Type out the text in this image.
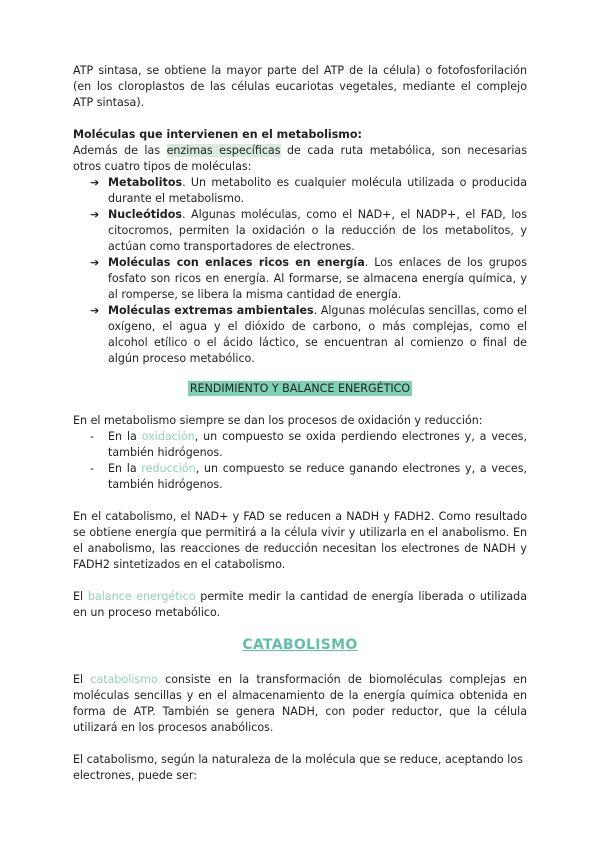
ATP sintasa, se obtiene la mayor parte del ATP de la célula) o fotofosforilación (en los cloroplastos de las células eucariotas vegetales, mediante el complejo ATP sintasa).

Moléculas que intervienen en el metabolismo:

Además de las enzimas específicas de cada ruta metabólica, son necesarias otros cuatro tipos de moléculas:

➔ Metabolitos. Un metabolito es cualquier molécula utilizada o producida durante el metabolismo.
➔ Nucleótidos. Algunas moléculas, como el NAD+, el NADP+, el FAD, los citocromos, permiten la oxidación o la reducción de los metabolitos, y actúan como transportadores de electrones.
➔ Moléculas con enlaces ricos en energía. Los enlaces de los grupos fosfato son ricos en energía. Al formarse, se almacena energía química, y al romperse, se libera la misma cantidad de energía.
➔ Moléculas extremas ambientales. Algunas moléculas sencillas, como el oxígeno, el agua y el dióxido de carbono, o más complejas, como el alcohol etílico o el ácido láctico, se encuentran al comienzo o final de algún proceso metabólico.
RENDIMIENTO Y BALANCE ENERGÉTICO

En el metabolismo siempre se dan los procesos de oxidación y reducción:

- En la oxidación, un compuesto se oxida perdiendo electrones y, a veces, también hidrógenos.
- En la reducción, un compuesto se reduce ganando electrones y, a veces, también hidrógenos.

En el catabolismo, el NAD+ y FAD se reducen a NADH y FADH2. Como resultado se obtiene energía que permitirá a la célula vivir y utilizarla en el anabolismo. En el anabolismo, las reacciones de reducción necesitan los electrones de NADH y FADH2 sintetizados en el catabolismo.

El balance energético permite medir la cantidad de energía liberada o utilizada en un proceso metabólico.

CATABOLISMO

El catabolismo consiste en la transformación de biomoléculas complejas en moléculas sencillas y en el almacenamiento de la energía química obtenida en forma de ATP. También se genera NADH, con poder reductor, que la célula utilizará en los procesos anabólicos.

El catabolismo, según la naturaleza de la molécula que se reduce, aceptando los electrones, puede ser:
